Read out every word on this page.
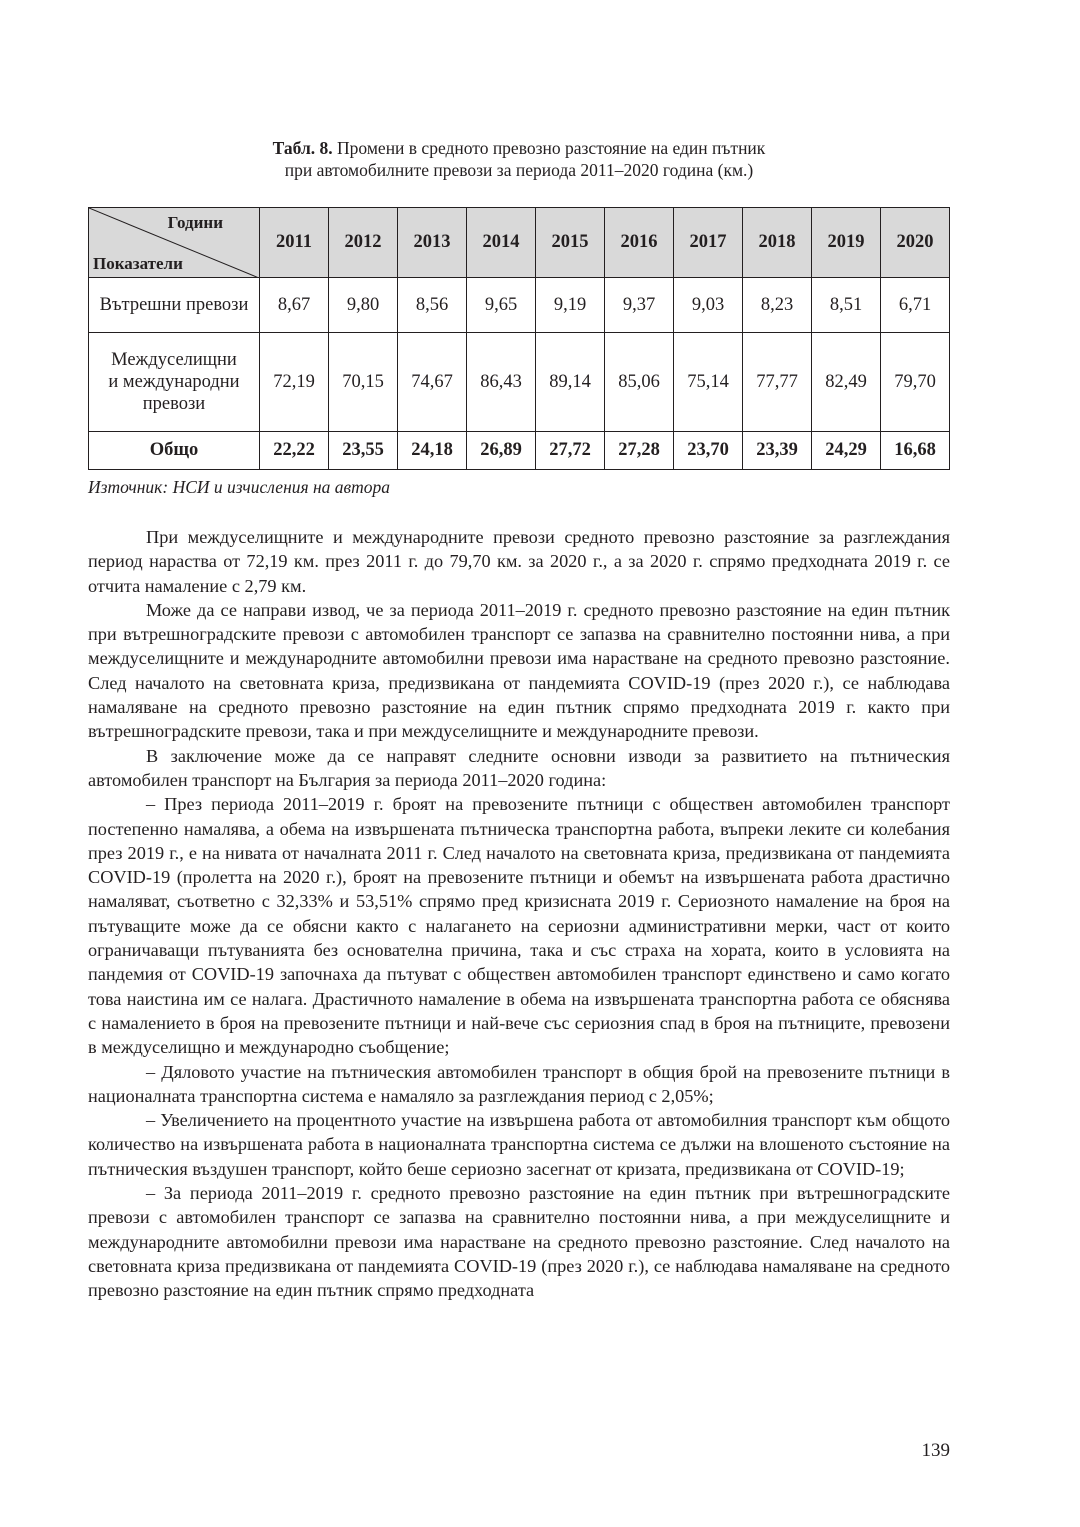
Табл. 8. Промени в средното превозно разстояние на един пътник
при автомобилните превози за периода 2011–2020 година (км.)
Години
Показатели	2011	2012	2013	2014	2015	2016	2017	2018	2019	2020
Вътрешни превози	8,67	9,80	8,56	9,65	9,19	9,37	9,03	8,23	8,51	6,71
Междуселищни
и международни
превози	72,19	70,15	74,67	86,43	89,14	85,06	75,14	77,77	82,49	79,70
Общо	22,22	23,55	24,18	26,89	27,72	27,28	23,70	23,39	24,29	16,68
Източник: НСИ и изчисления на автора

При междуселищните и международните превози средното превозно разстояние за разглеждания период нараства от 72,19 км. през 2011 г. до 79,70 км. за 2020 г., а за 2020 г. спрямо предходната 2019 г. се отчита намаление с 2,79 км.

Може да се направи извод, че за периода 2011–2019 г. средното превозно разстояние на един пътник при вътрешноградските превози с автомобилен транспорт се запазва на сравнително постоянни нива, а при междуселищните и международните автомобилни превози има нарастване на средното превозно разстояние. След началото на световната криза, предизвикана от пандемията COVID-19 (през 2020 г.), се наблюдава намаляване на средното превозно разстояние на един пътник спрямо предходната 2019 г. както при вътрешноградските превози, така и при междуселищните и международните превози.

В заключение може да се направят следните основни изводи за развитието на пътническия автомобилен транспорт на България за периода 2011–2020 година:

– През периода 2011–2019 г. броят на превозените пътници с обществен автомобилен транспорт постепенно намалява, а обема на извършената пътническа транспортна работа, въпреки леките си колебания през 2019 г., е на нивата от началната 2011 г. След началото на световната криза, предизвикана от пандемията COVID-19 (пролетта на 2020 г.), броят на превозените пътници и обемът на извършената работа драстично намаляват, съответно с 32,33% и 53,51% спрямо пред кризисната 2019 г. Сериозното намаление на броя на пътуващите може да се обясни както с налагането на сериозни административни мерки, част от които ограничаващи пътуванията без основателна причина, така и със страха на хората, които в условията на пандемия от COVID-19 започнаха да пътуват с обществен автомобилен транспорт единствено и само когато това наистина им се налага. Драстичното намаление в обема на извършената транспортна работа се обяснява с намалението в броя на превозените пътници и най-вече със сериозния спад в броя на пътниците, превозени в междуселищно и международно съобщение;

– Дяловото участие на пътническия автомобилен транспорт в общия брой на превозените пътници в националната транспортна система е намаляло за разглеждания период с 2,05%;

– Увеличението на процентното участие на извършена работа от автомобилния транспорт към общото количество на извършената работа в националната транспортна система се дължи на влошеното състояние на пътническия въздушен транспорт, който беше сериозно засегнат от кризата, предизвикана от COVID-19;

– За периода 2011–2019 г. средното превозно разстояние на един пътник при вътрешноградските превози с автомобилен транспорт се запазва на сравнително постоянни нива, а при междуселищните и международните автомобилни превози има нарастване на средното превозно разстояние. След началото на световната криза предизвикана от пандемията COVID-19 (през 2020 г.), се наблюдава намаляване на средното превозно разстояние на един пътник спрямо предходната

139
